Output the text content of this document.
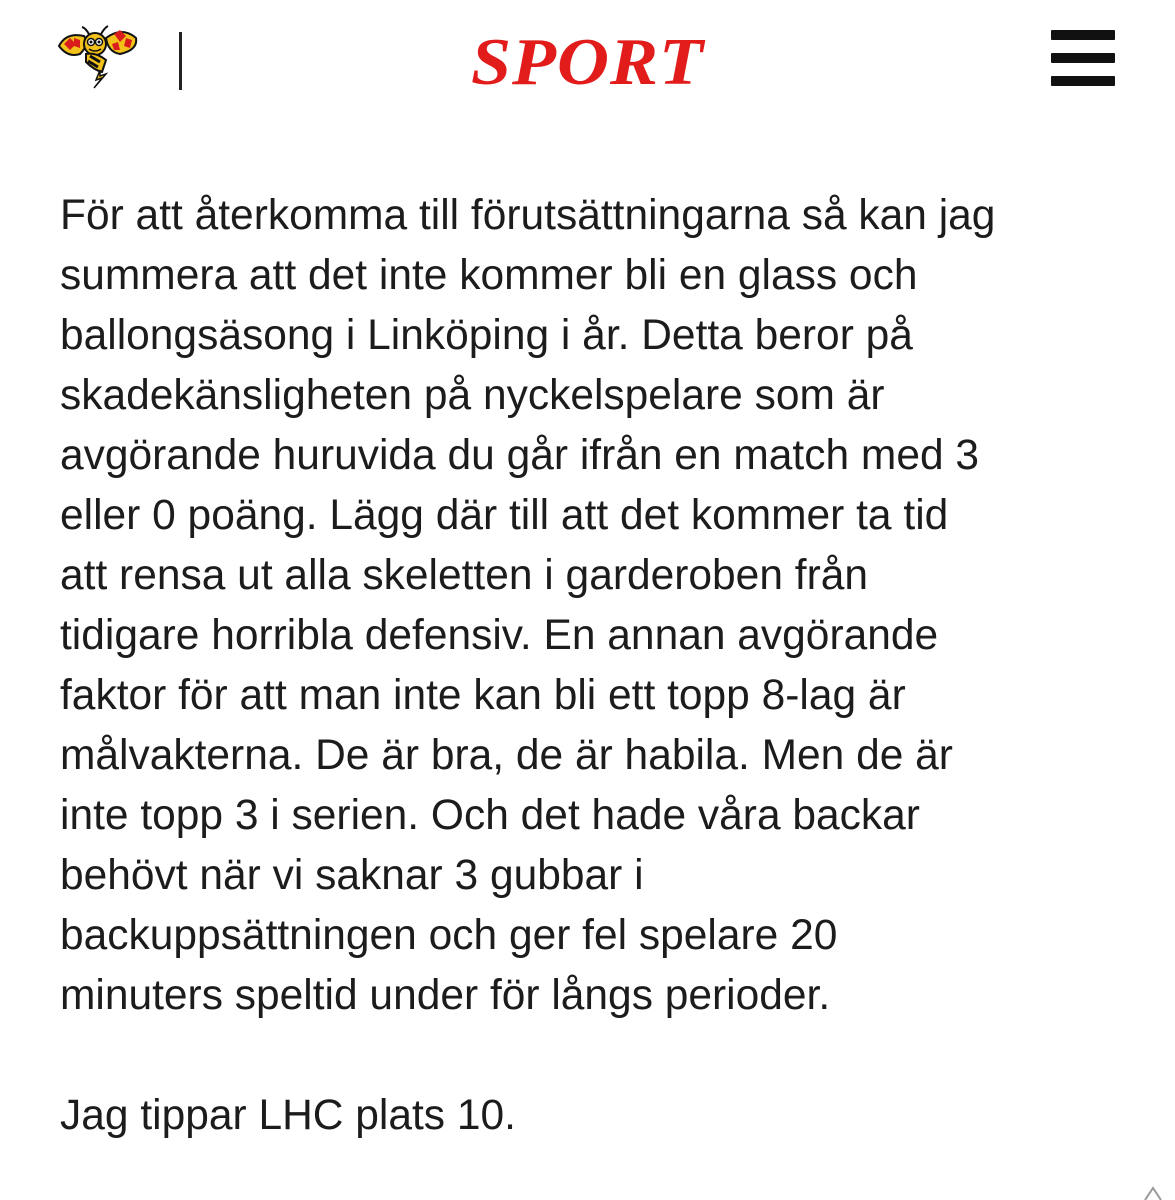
SPORT

För att återkomma till förutsättningarna så kan jag
summera att det inte kommer bli en glass och
ballongsäsong i Linköping i år. Detta beror på
skadekänsligheten på nyckelspelare som är
avgörande huruvida du går ifrån en match med 3
eller 0 poäng. Lägg där till att det kommer ta tid
att rensa ut alla skeletten i garderoben från
tidigare horribla defensiv. En annan avgörande
faktor för att man inte kan bli ett topp 8-lag är
målvakterna. De är bra, de är habila. Men de är
inte topp 3 i serien. Och det hade våra backar
behövt när vi saknar 3 gubbar i
backuppsättningen och ger fel spelare 20
minuters speltid under för långs perioder.

Jag tippar LHC plats 10.
